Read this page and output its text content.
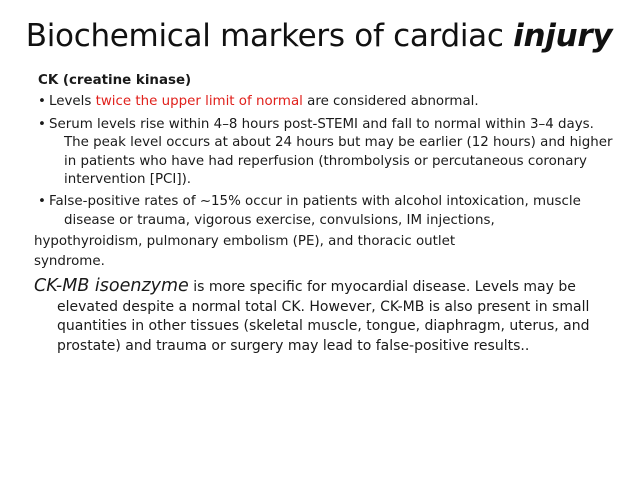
Biochemical markers of cardiac injury
CK (creatine kinase)
• Levels twice the upper limit of normal are considered abnormal.
• Serum levels rise within 4–8 hours post-STEMI and fall to normal within 3–4 days. The peak level occurs at about 24 hours but may be earlier (12 hours) and higher in patients who have had reperfusion (thrombolysis or percutaneous coronary intervention [PCI]).
• False-positive rates of ~15% occur in patients with alcohol intoxication, muscle disease or trauma, vigorous exercise, convulsions, IM injections,
hypothyroidism, pulmonary embolism (PE), and thoracic outlet syndrome.
CK-MB isoenzyme is more specific for myocardial disease. Levels may be elevated despite a normal total CK. However, CK-MB is also present in small quantities in other tissues (skeletal muscle, tongue, diaphragm, uterus, and prostate) and trauma or surgery may lead to false-positive results..
